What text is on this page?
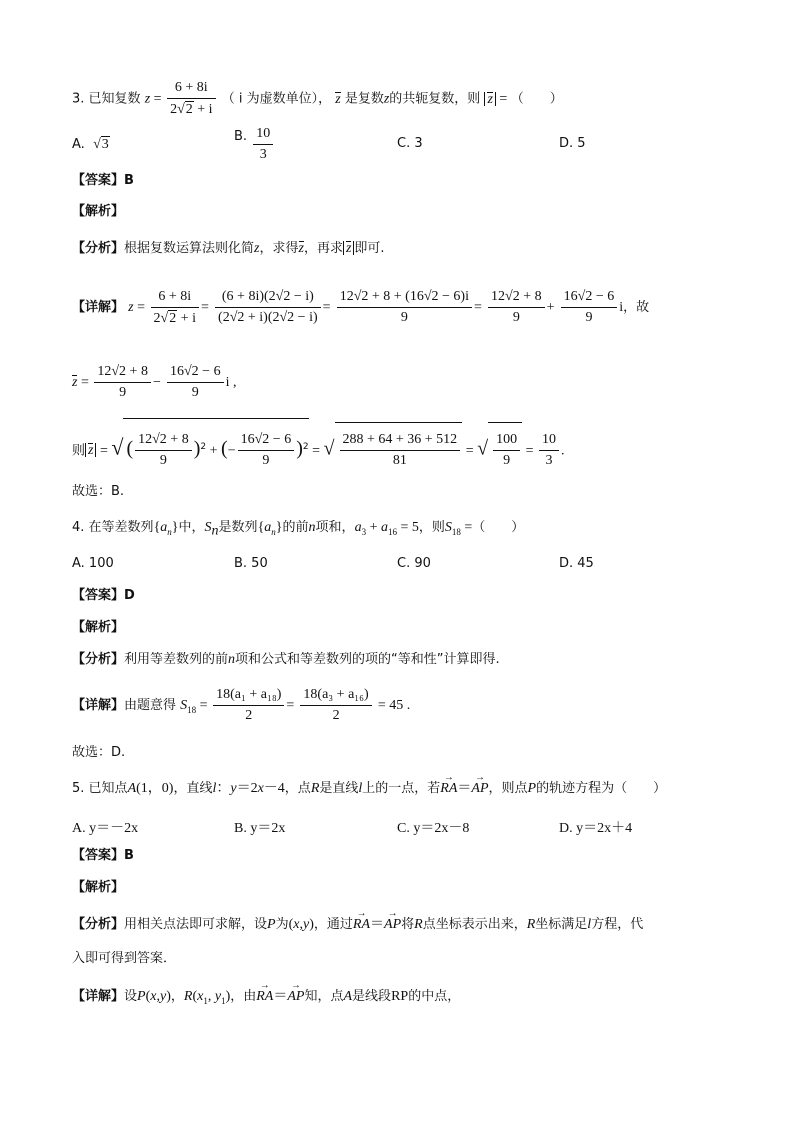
3. 已知复数 $z = \frac{6 + 8i}{2√2 + i}$ （ i 为虚数单位）， z 是复数z的共轭复数，则 z = （　　）
A. √3
B. $\frac{10}{3}$	C. 3	D. 5
【答案】B
【解析】
【分析】根据复数运算法则化简z，求得z，再求 z 即可.
【详解】 $z = \frac{6 + 8i}{2√2 + i} = \frac{(6 + 8i)(2√2 - i)}{(2√2 + i)(2√2 - i)} = \frac{12√2 + 8 + (16√2 - 6)i}{9} = \frac{12√2 + 8}{9} + \frac{16√2 - 6}{9}$ i，故
$z = \frac{12√2 + 8}{9} - \frac{16√2 - 6}{9}$ i ,
则 z = √ ( $\frac{12√2 + 8}{9} )^2$ + (− $\frac{16√2 - 6}{9} )^2$ = √ $\frac{288 + 64 + 36 + 512}{81}$ = √ $\frac{100}{9} = \frac{10}{3}$ .
故选：B.
4. 在等差数列$\{a_n\}$中，$S_n$是数列$\{a_n\}$的前n项和，$a_3 + a_{16} = 5$，则$S_{18}$ =（　　）
A. 100	B. 50	C. 90	D. 45
【答案】D
【解析】
【分析】利用等差数列的前n项和公式和等差数列的项的“等和性”计算即得.
【详解】由题意得 $S_{18} = \frac{\text{18(a₁ + a₁₈)}}{2} = \frac{\text{18(a₃ + a₁₆)}}{2} = 45$ .
故选：D.
5. 已知点A(1，0)，直线l：y＝2x－4，点R是直线l上的一点，若→ RA＝→ AP，则点P的轨迹方程为（　　）
A. y＝－2x	B. y＝2x	C. y＝2x－8	D. y＝2x＋4
【答案】B
【解析】
【分析】用相关点法即可求解，设P为(x,y)，通过→ RA＝→ AP将R点坐标表示出来，R坐标满足l方程，代
入即可得到答案．
【详解】设P(x,y)，$R(x_1$, $y_1$)，由→ RA＝→ AP知，点A是线段RP的中点，
